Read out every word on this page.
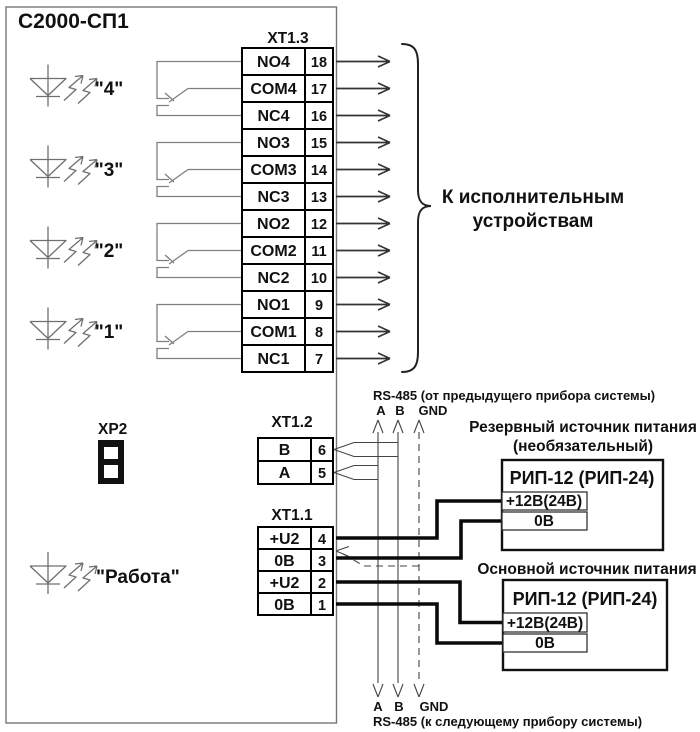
С2000-СП1
"4"
"3"
"2"
"1"
"Работа"
XP2
К исполнительным
устройствам
ХТ1.3
NO4 18
COM4 17
NC4 16
NO3 15
COM3 14
NC3 13
NO2 12
COM2 11
NC2 10
NO1 9
COM1 8
NC1 7
ХТ1.2
B 6
A 5
ХТ1.1
+U2 4
0В 3
+U2 2
0В 1
RS-485 (от предыдущего прибора системы)
A B GND
A B GND
RS-485 (к следующему прибору системы)
Резервный источник питания
(необязательный)
РИП-12 (РИП-24)
+12В(24В)
0В
Основной источник питания
РИП-12 (РИП-24)
+12В(24В)
0В
